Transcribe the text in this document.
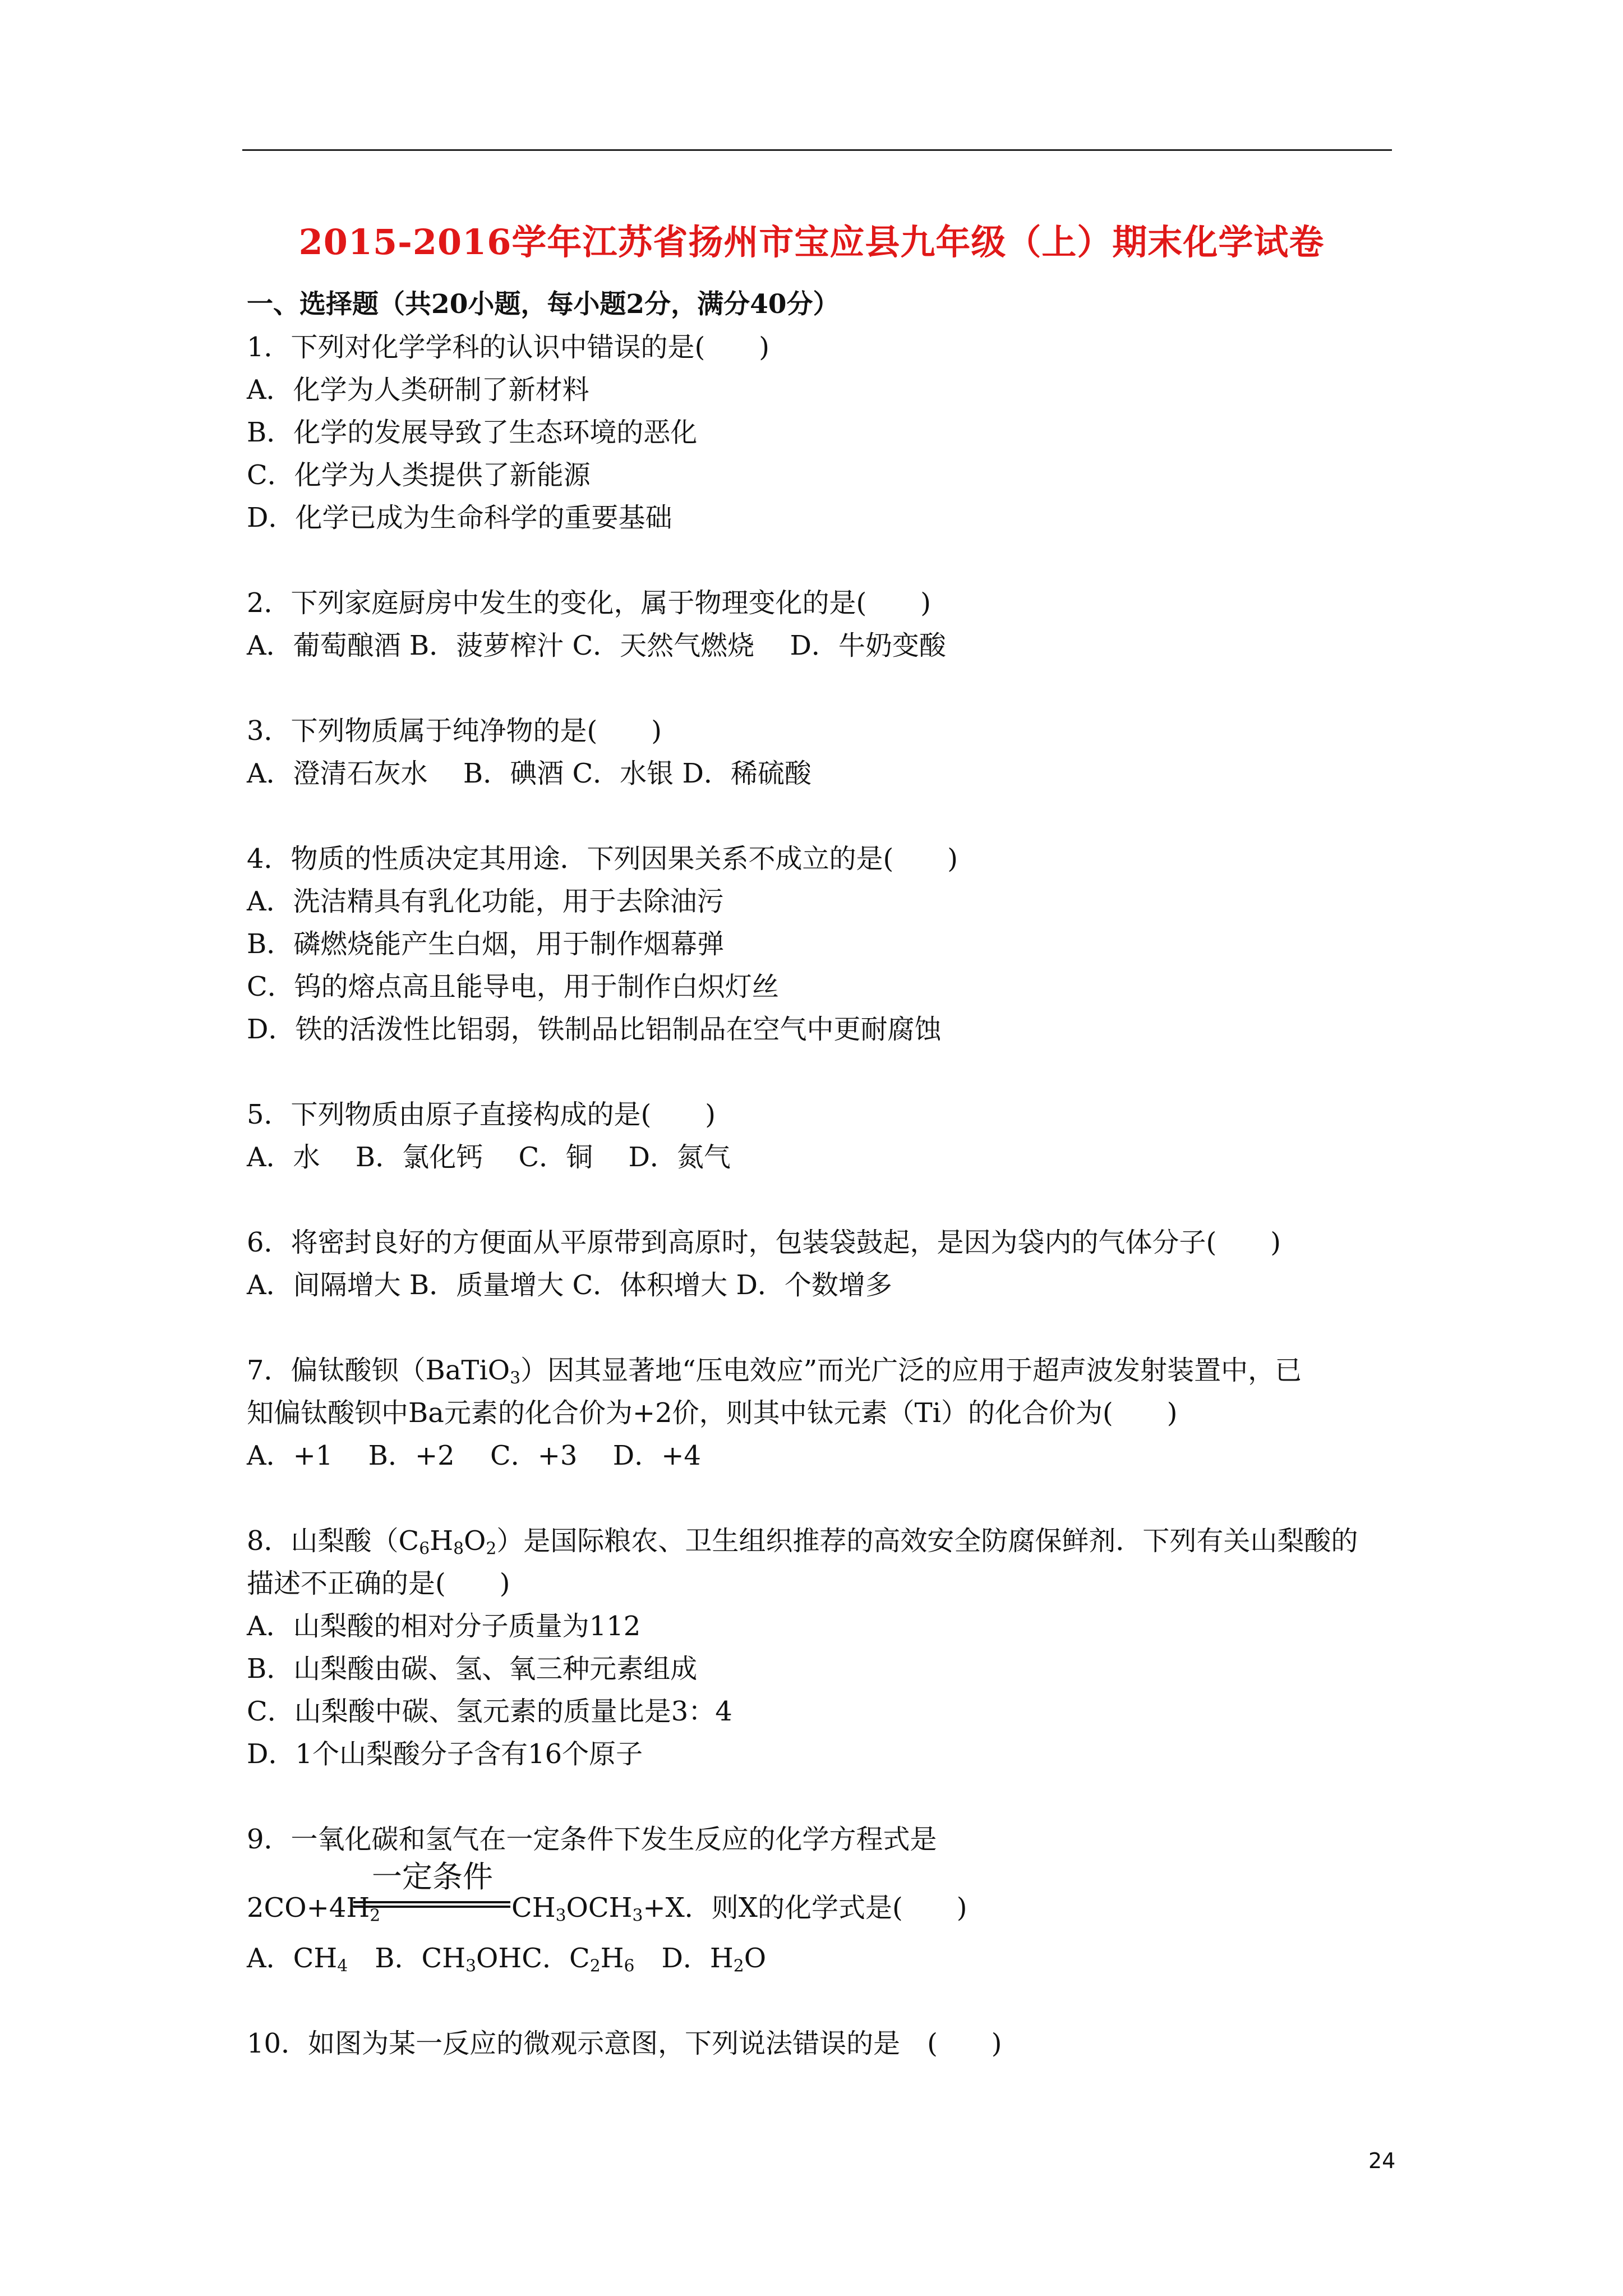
2015-2016学年江苏省扬州市宝应县九年级（上）期末化学试卷
一、选择题（共20小题，每小题2分，满分40分）
1．下列对化学学科的认识中错误的是(　　)
A．化学为人类研制了新材料
B．化学的发展导致了生态环境的恶化
C．化学为人类提供了新能源
D．化学已成为生命科学的重要基础
2．下列家庭厨房中发生的变化，属于物理变化的是(　　)
A．葡萄酿酒 B．菠萝榨汁 C．天然气燃烧　 D．牛奶变酸
3．下列物质属于纯净物的是(　　)
A．澄清石灰水　 B．碘酒 C．水银 D．稀硫酸
4．物质的性质决定其用途．下列因果关系不成立的是(　　)
A．洗洁精具有乳化功能，用于去除油污
B．磷燃烧能产生白烟，用于制作烟幕弹
C．钨的熔点高且能导电，用于制作白炽灯丝
D．铁的活泼性比铝弱，铁制品比铝制品在空气中更耐腐蚀
5．下列物质由原子直接构成的是(　　)
A．水　 B．氯化钙　 C．铜　 D．氮气
6．将密封良好的方便面从平原带到高原时，包装袋鼓起，是因为袋内的气体分子(　　)
A．间隔增大 B．质量增大 C．体积增大 D．个数增多
7．偏钛酸钡（BaTiO$_3$）因其显著地“压电效应”而光广泛的应用于超声波发射装置中，已
知偏钛酸钡中Ba元素的化合价为+2价，则其中钛元素（Ti）的化合价为(　　)
A．+1　 B．+2　 C．+3　 D．+4
8．山梨酸$(C_6H_8O_2)$是国际粮农、卫生组织推荐的高效安全防腐保鲜剂．下列有关山梨酸的
描述不正确的是(　　)
A．山梨酸的相对分子质量为112
B．山梨酸由碳、氢、氧三种元素组成
C．山梨酸中碳、氢元素的质量比是3：4
D．1个山梨酸分子含有16个原子
9．一氧化碳和氢气在一定条件下发生反应的化学方程式是
$2CO+4H_2$
一定条件
$CH_3OCH_3+X$．则X的化学式是(　　)
A．$CH_4$　B．$CH_3OHC$．$C_2H_6$　D．$H_2O$
10．如图为某一反应的微观示意图，下列说法错误的是　(　　)
24
